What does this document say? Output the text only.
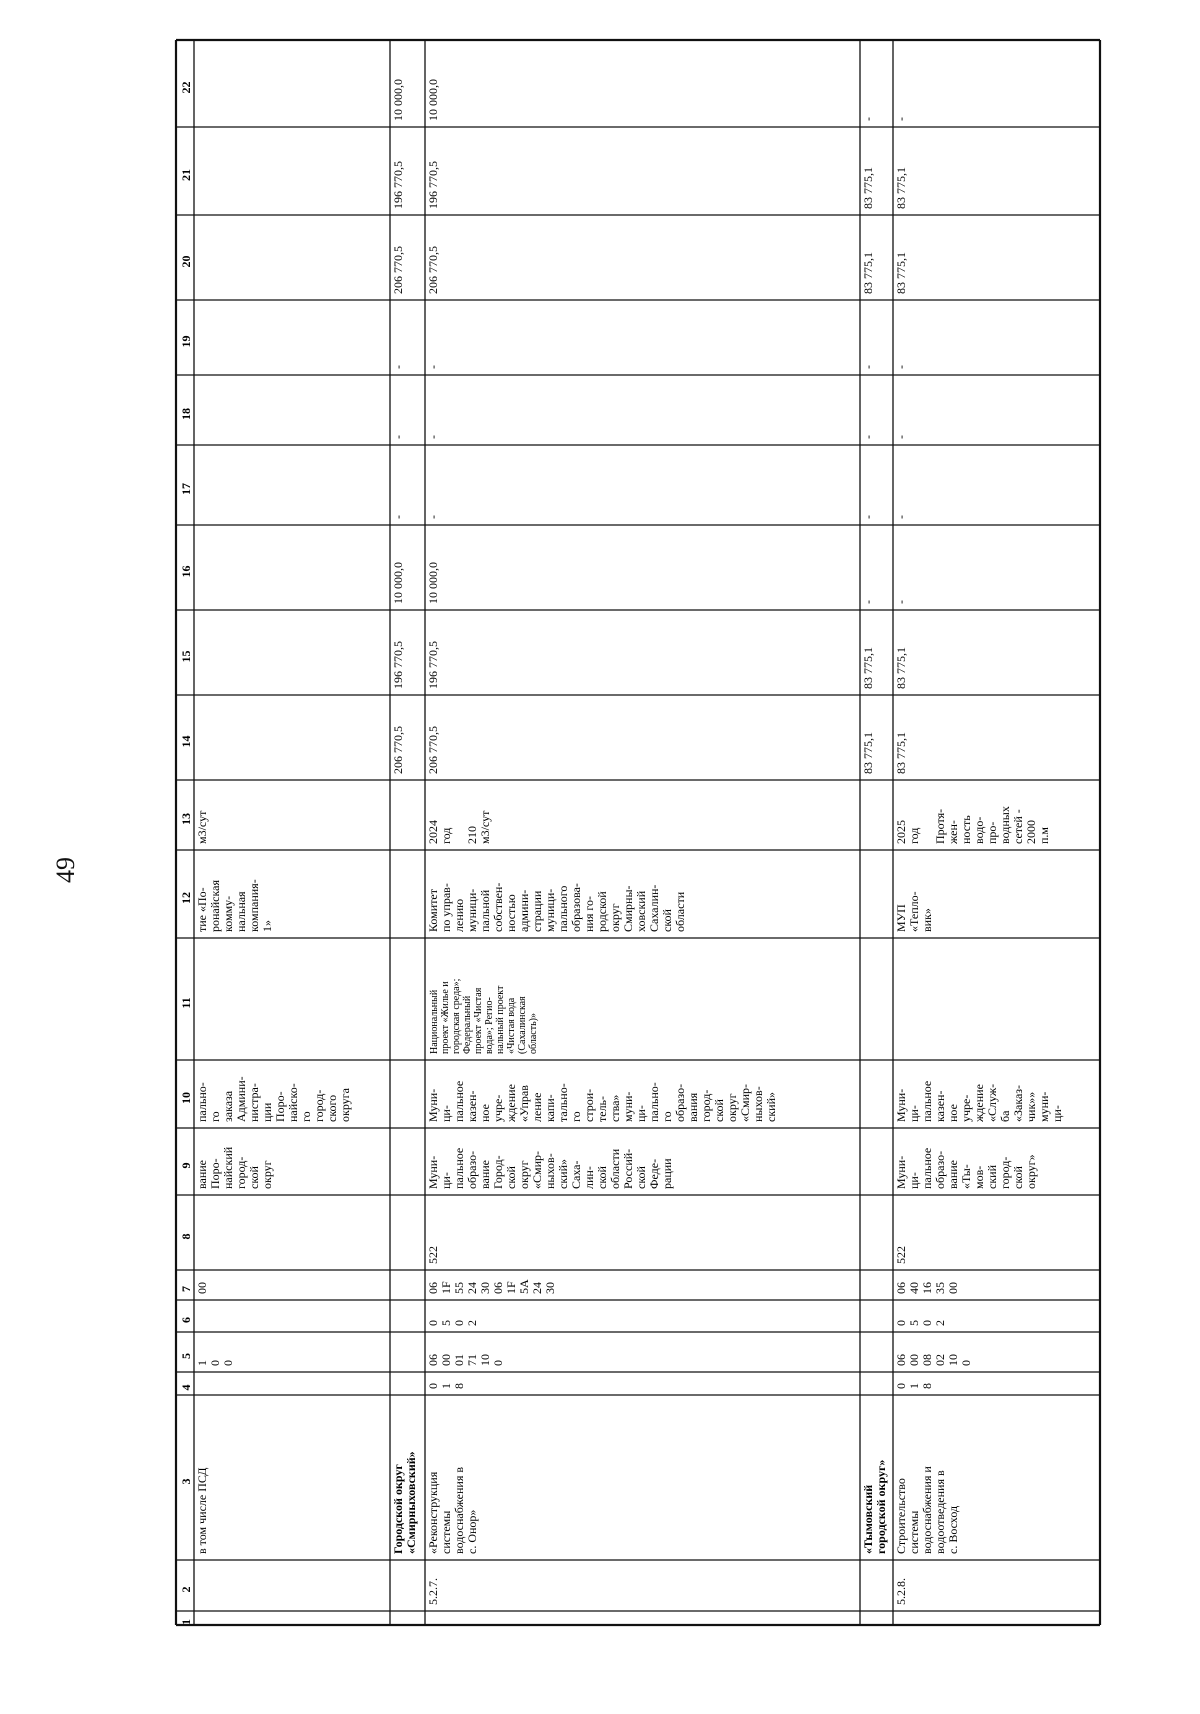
49
1
2
3
4
5
6
7
8
9
10
11
12
13
14
15
16
17
18
19
20
21
22
в том числе ПСД
1 0 0
00
вание Поро- найский город- ской округ
пально- го заказа Админи- нистра- ции Поро- найско- го город- ского округа
тие «По- ронайская комму- нальная компания- 1»
м3/сут
Городской округ «Смирныховский»
206 770,5
196 770,5
10 000,0
-
-
-
206 770,5
196 770,5
10 000,0
5.2.7.
«Реконструкция системы водоснабжения в с. Онор»
0 1 8
06 00 01 71 10 0
0 5 0 2
06 1F 55 24 30 06 1F 5A 24 30
522
Муни- ци- пальное образо- вание Город- ской округ «Смир- ныхов- ский» Саха- лин- ской области Россий- ской Феде- рации
Муни- ци- пальное казен- ное учре- ждение «Управ ление капи- тально- го строи- тель- ства» муни- ци- пально- го образо- вания город- ской округ «Смир- ныхов- ский»
Национальный проект «Жилье и городская среда»; Федеральный проект «Чистая вода»; Регио- нальный проект «Чистая вода (Сахалинская область)»
Комитет по управ- лению муници- пальной собствен- ностью админи- страции муници- пального образова- ния го- родской округ Смирны- ховский Сахалин- ской области
2024 год 210 м3/сут
206 770,5
196 770,5
10 000,0
-
-
-
206 770,5
196 770,5
10 000,0
«Тымовский городской округ»
83 775,1
83 775,1
-
-
-
-
83 775,1
83 775,1
-
5.2.8.
Строительство системы водоснабжения и водоотведения в с. Восход
0 1 8
06 00 08 02 10 0
0 5 0 2
06 40 16 35 00
522
Муни- ци- пальное образо- вание «Ты- мов- ский город- ской округ»
Муни- ци- пальное казен- ное учре- ждение «Служ- ба «Заказ- чик»» муни- ци-
МУП «Тепло- вик»
2025 год Протя- жен- ность водо- про- водных сетей - 2000 п.м
83 775,1
83 775,1
-
-
-
-
83 775,1
83 775,1
-
